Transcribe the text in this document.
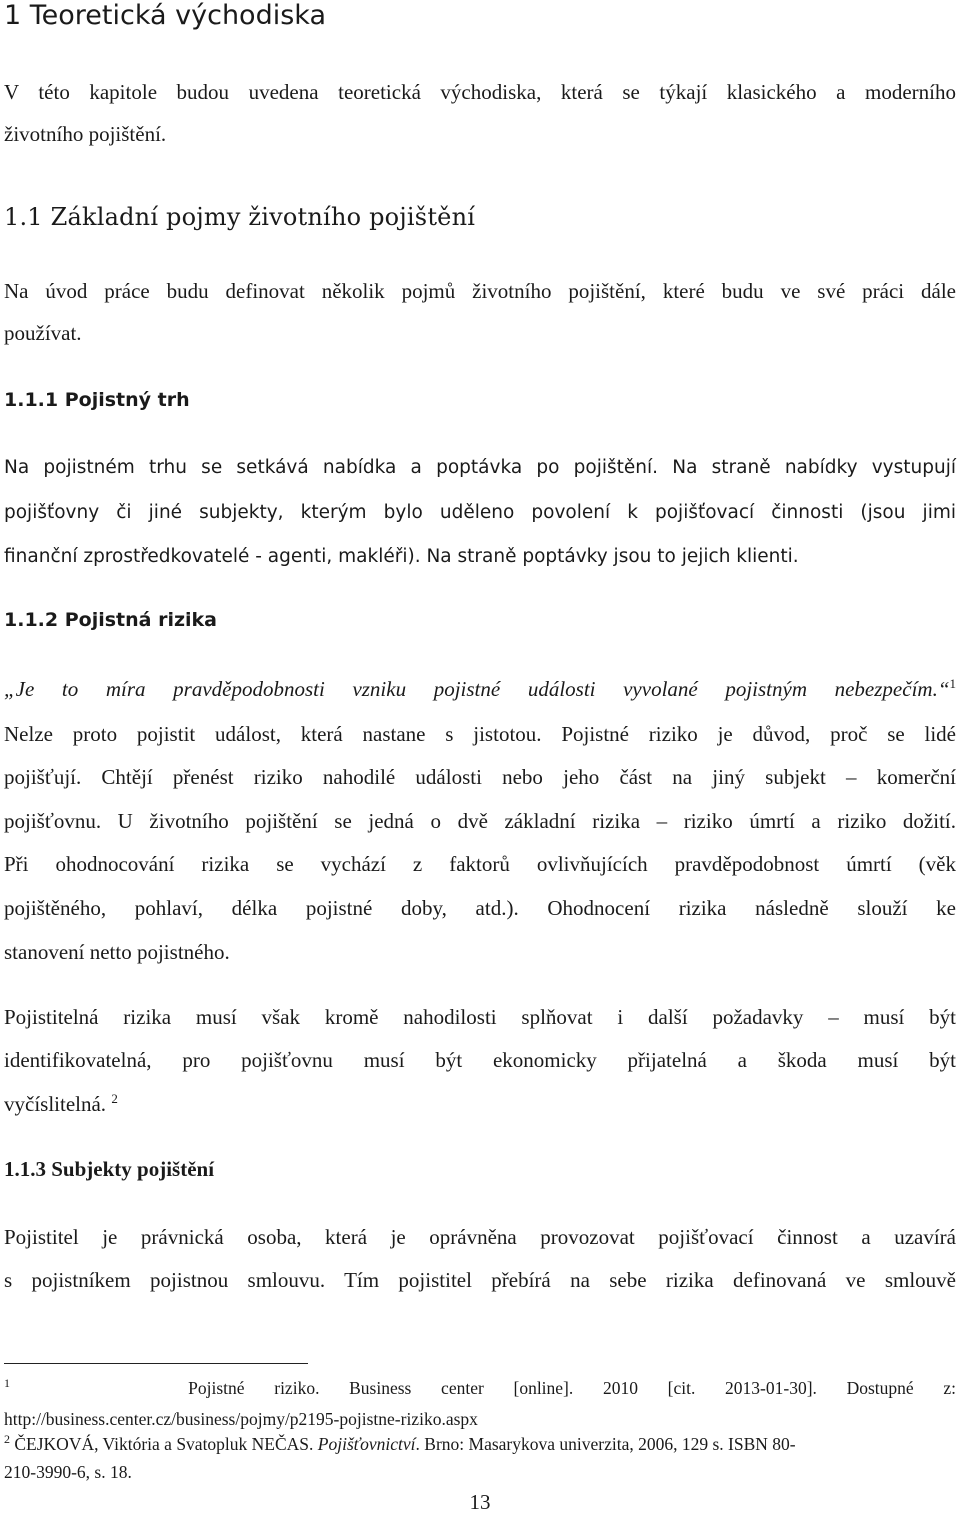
1 Teoretická východiska

V této kapitole budou uvedena teoretická východiska, která se týkají klasického a moderního

životního pojištění.

1.1 Základní pojmy životního pojištění

Na úvod práce budu definovat několik pojmů životního pojištění, které budu ve své práci dále

používat.

1.1.1 Pojistný trh

Na pojistném trhu se setkává nabídka a poptávka po pojištění. Na straně nabídky vystupují

pojišťovny či jiné subjekty, kterým bylo uděleno povolení k pojišťovací činnosti (jsou jimi

finanční zprostředkovatelé - agenti, makléři). Na straně poptávky jsou to jejich klienti.

1.1.2 Pojistná rizika

„Je to míra pravděpodobnosti vzniku pojistné události vyvolané pojistným nebezpečím.“$^1$

Nelze proto pojistit událost, která nastane s jistotou. Pojistné riziko je důvod, proč se lidé

pojišťují. Chtějí přenést riziko nahodilé události nebo jeho část na jiný subjekt – komerční

pojišťovnu. U životního pojištění se jedná o dvě základní rizika – riziko úmrtí a riziko dožití.

Při ohodnocování rizika se vychází z faktorů ovlivňujících pravděpodobnost úmrtí (věk

pojištěného, pohlaví, délka pojistné doby, atd.). Ohodnocení rizika následně slouží ke

stanovení netto pojistného.

Pojistitelná rizika musí však kromě nahodilosti splňovat i další požadavky – musí být

identifikovatelná, pro pojišťovnu musí být ekonomicky přijatelná a škoda musí být

vyčíslitelná. $^2$

1.1.3 Subjekty pojištění

Pojistitel je právnická osoba, která je oprávněna provozovat pojišťovací činnost a uzavírá

s pojistníkem pojistnou smlouvu. Tím pojistitel přebírá na sebe rizika definovaná ve smlouvě

$^1$	Pojistné riziko. Business center [online]. 2010 [cit. 2013-01-30]. Dostupné z:

http://business.center.cz/business/pojmy/p2195-pojistne-riziko.aspx

$^2$ ČEJKOVÁ, Viktória a Svatopluk NEČAS. Pojišťovnictví. Brno: Masarykova univerzita, 2006, 129 s. ISBN 80-

210-3990-6, s. 18.

13
